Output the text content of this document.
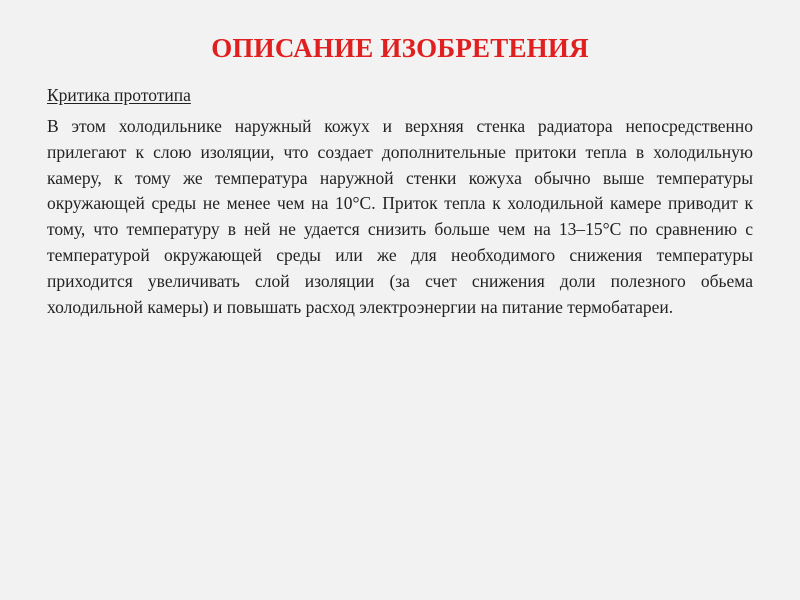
ОПИСАНИЕ ИЗОБРЕТЕНИЯ
Критика прототипа

В этом холодильнике наружный кожух и верхняя стенка радиатора непосредственно прилегают к слою изоляции, что создает дополнительные притоки тепла в холодильную камеру, к тому же температура наружной стенки кожуха обычно выше температуры окружающей среды не менее чем на 10°С. Приток тепла к холодильной камере приводит к тому, что температуру в ней не удается снизить больше чем на 13–15°С по сравнению с температурой окружающей среды или же для необходимого снижения температуры приходится увеличивать слой изоляции (за счет снижения доли полезного обьема холодильной камеры) и повышать расход электроэнергии на питание термобатареи.
